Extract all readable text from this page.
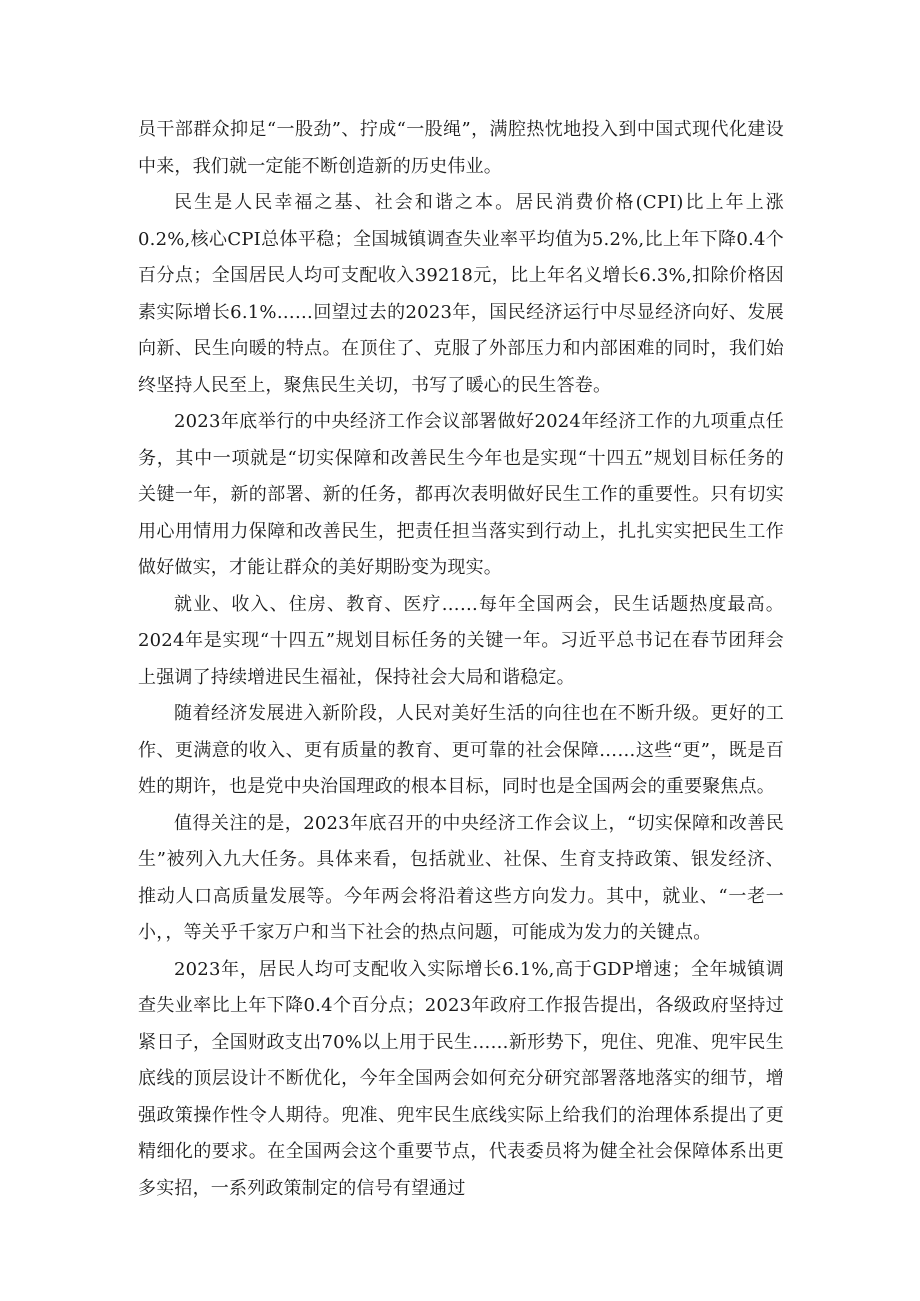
员干部群众抑足“一股劲”、拧成“一股绳”，满腔热忱地投入到中国式现代化建设中来，我们就一定能不断创造新的历史伟业。

民生是人民幸福之基、社会和谐之本。居民消费价格(CPI)比上年上涨0.2%,核心CPI总体平稳；全国城镇调查失业率平均值为5.2%,比上年下降0.4个百分点；全国居民人均可支配收入39218元，比上年名义增长6.3%,扣除价格因素实际增长6.1%……回望过去的2023年，国民经济运行中尽显经济向好、发展向新、民生向暖的特点。在顶住了、克服了外部压力和内部困难的同时，我们始终坚持人民至上，聚焦民生关切，书写了暖心的民生答卷。

2023年底举行的中央经济工作会议部署做好2024年经济工作的九项重点任务，其中一项就是“切实保障和改善民生今年也是实现“十四五”规划目标任务的关键一年，新的部署、新的任务，都再次表明做好民生工作的重要性。只有切实用心用情用力保障和改善民生，把责任担当落实到行动上，扎扎实实把民生工作做好做实，才能让群众的美好期盼变为现实。

就业、收入、住房、教育、医疗……每年全国两会，民生话题热度最高。2024年是实现“十四五”规划目标任务的关键一年。习近平总书记在春节团拜会上强调了持续增进民生福祉，保持社会大局和谐稳定。

随着经济发展进入新阶段，人民对美好生活的向往也在不断升级。更好的工作、更满意的收入、更有质量的教育、更可靠的社会保障……这些“更”，既是百姓的期许，也是党中央治国理政的根本目标，同时也是全国两会的重要聚焦点。

值得关注的是，2023年底召开的中央经济工作会议上，“切实保障和改善民生”被列入九大任务。具体来看，包括就业、社保、生育支持政策、银发经济、推动人口高质量发展等。今年两会将沿着这些方向发力。其中，就业、“一老一小，，等关乎千家万户和当下社会的热点问题，可能成为发力的关键点。

2023年，居民人均可支配收入实际增长6.1%,高于GDP增速；全年城镇调查失业率比上年下降0.4个百分点；2023年政府工作报告提出，各级政府坚持过紧日子，全国财政支出70%以上用于民生……新形势下，兜住、兜准、兜牢民生底线的顶层设计不断优化，今年全国两会如何充分研究部署落地落实的细节，增强政策操作性令人期待。兜准、兜牢民生底线实际上给我们的治理体系提出了更精细化的要求。在全国两会这个重要节点，代表委员将为健全社会保障体系出更多实招，一系列政策制定的信号有望通过
